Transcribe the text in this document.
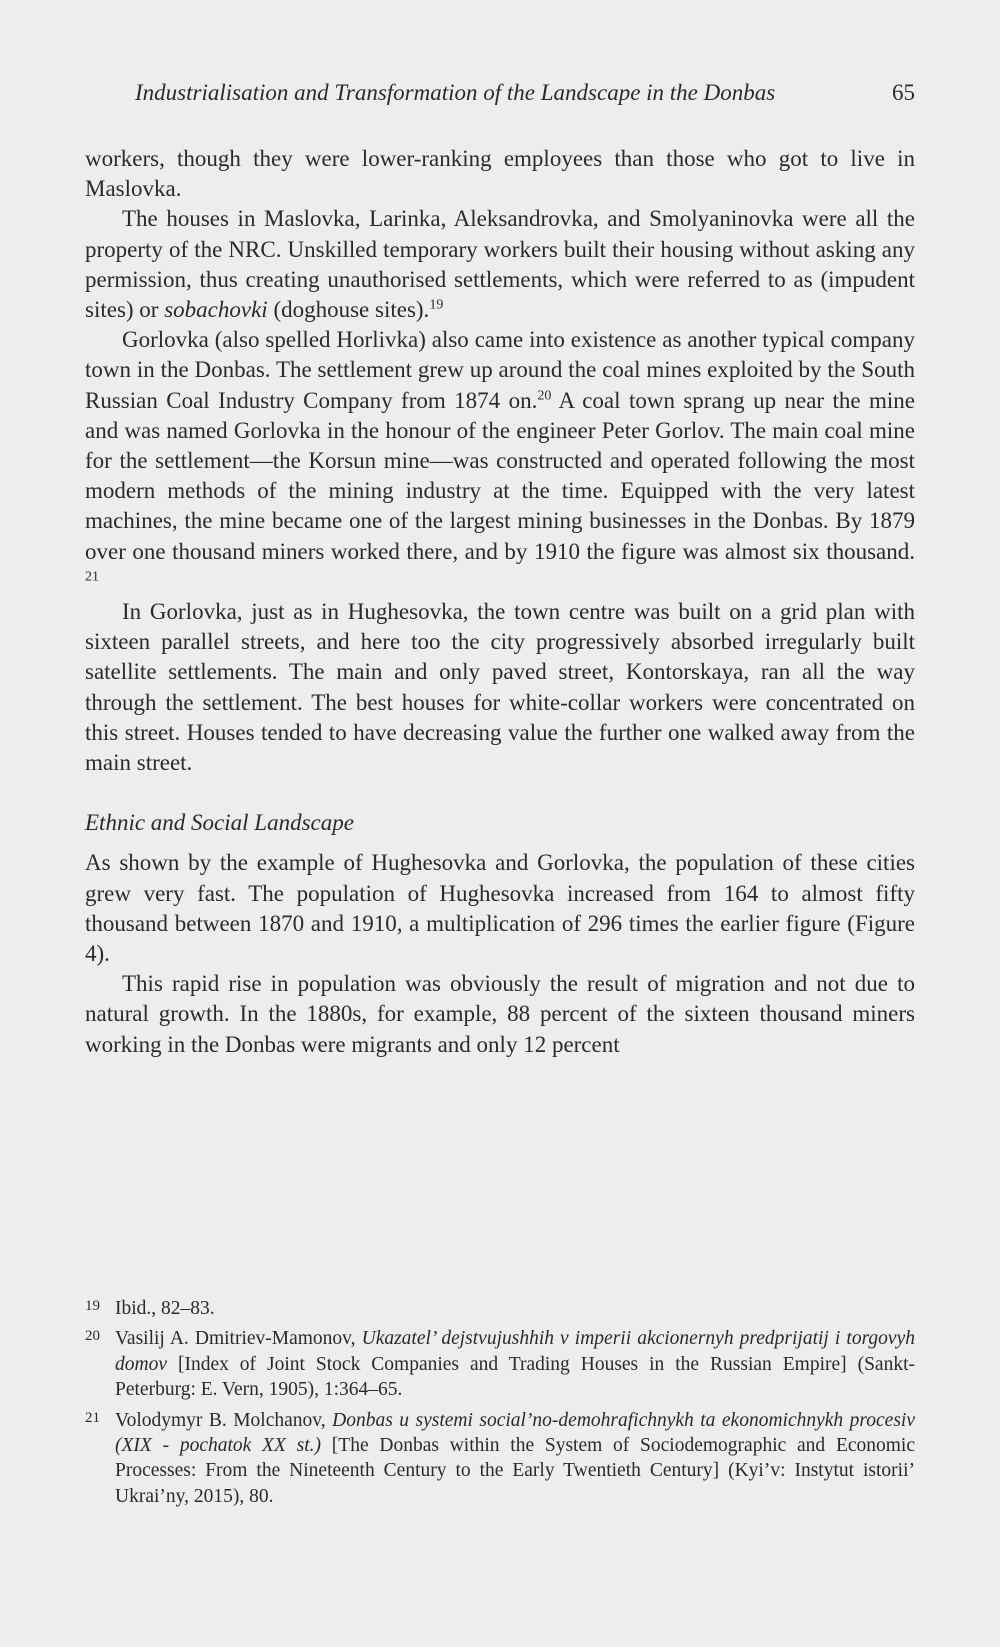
Industrialisation and Transformation of the Landscape in the Donbas	65

workers, though they were lower-ranking employees than those who got to live in Maslovka.

The houses in Maslovka, Larinka, Aleksandrovka, and Smolyaninovka were all the property of the NRC. Unskilled temporary workers built their housing without asking any permission, thus creating unauthorised settlements, which were referred to as (impudent sites) or sobachovki (doghouse sites).$^{19}$

Gorlovka (also spelled Horlivka) also came into existence as another typical company town in the Donbas. The settlement grew up around the coal mines exploited by the South Russian Coal Industry Company from 1874 on.$^{20}$ A coal town sprang up near the mine and was named Gorlovka in the honour of the engineer Peter Gorlov. The main coal mine for the settlement—the Korsun mine—was constructed and operated following the most modern methods of the mining industry at the time. Equipped with the very latest machines, the mine became one of the largest mining businesses in the Donbas. By 1879 over one thousand miners worked there, and by 1910 the figure was almost six thousand. $^{21}$

In Gorlovka, just as in Hughesovka, the town centre was built on a grid plan with sixteen parallel streets, and here too the city progressively absorbed irregularly built satellite settlements. The main and only paved street, Kontorskaya, ran all the way through the settlement. The best houses for white-collar workers were concentrated on this street. Houses tended to have decreasing value the further one walked away from the main street.

Ethnic and Social Landscape

As shown by the example of Hughesovka and Gorlovka, the population of these cities grew very fast. The population of Hughesovka increased from 164 to almost fifty thousand between 1870 and 1910, a multiplication of 296 times the earlier figure (Figure 4).

This rapid rise in population was obviously the result of migration and not due to natural growth. In the 1880s, for example, 88 percent of the sixteen thousand miners working in the Donbas were migrants and only 12 percent

19 Ibid., 82–83.
20 Vasilij A. Dmitriev-Mamonov, Ukazatel’ dejstvujushhih v imperii akcionernyh predprijatij i torgovyh domov [Index of Joint Stock Companies and Trading Houses in the Russian Empire] (Sankt-Peterburg: E. Vern, 1905), 1:364–65.
21 Volodymyr B. Molchanov, Donbas u systemi social’no-demohrafichnykh ta ekonomichnykh procesiv (XIX - pochatok XX st.) [The Donbas within the System of Sociodemographic and Economic Processes: From the Nineteenth Century to the Early Twentieth Century] (Kyi’v: Instytut istorii’ Ukrai’ny, 2015), 80.
